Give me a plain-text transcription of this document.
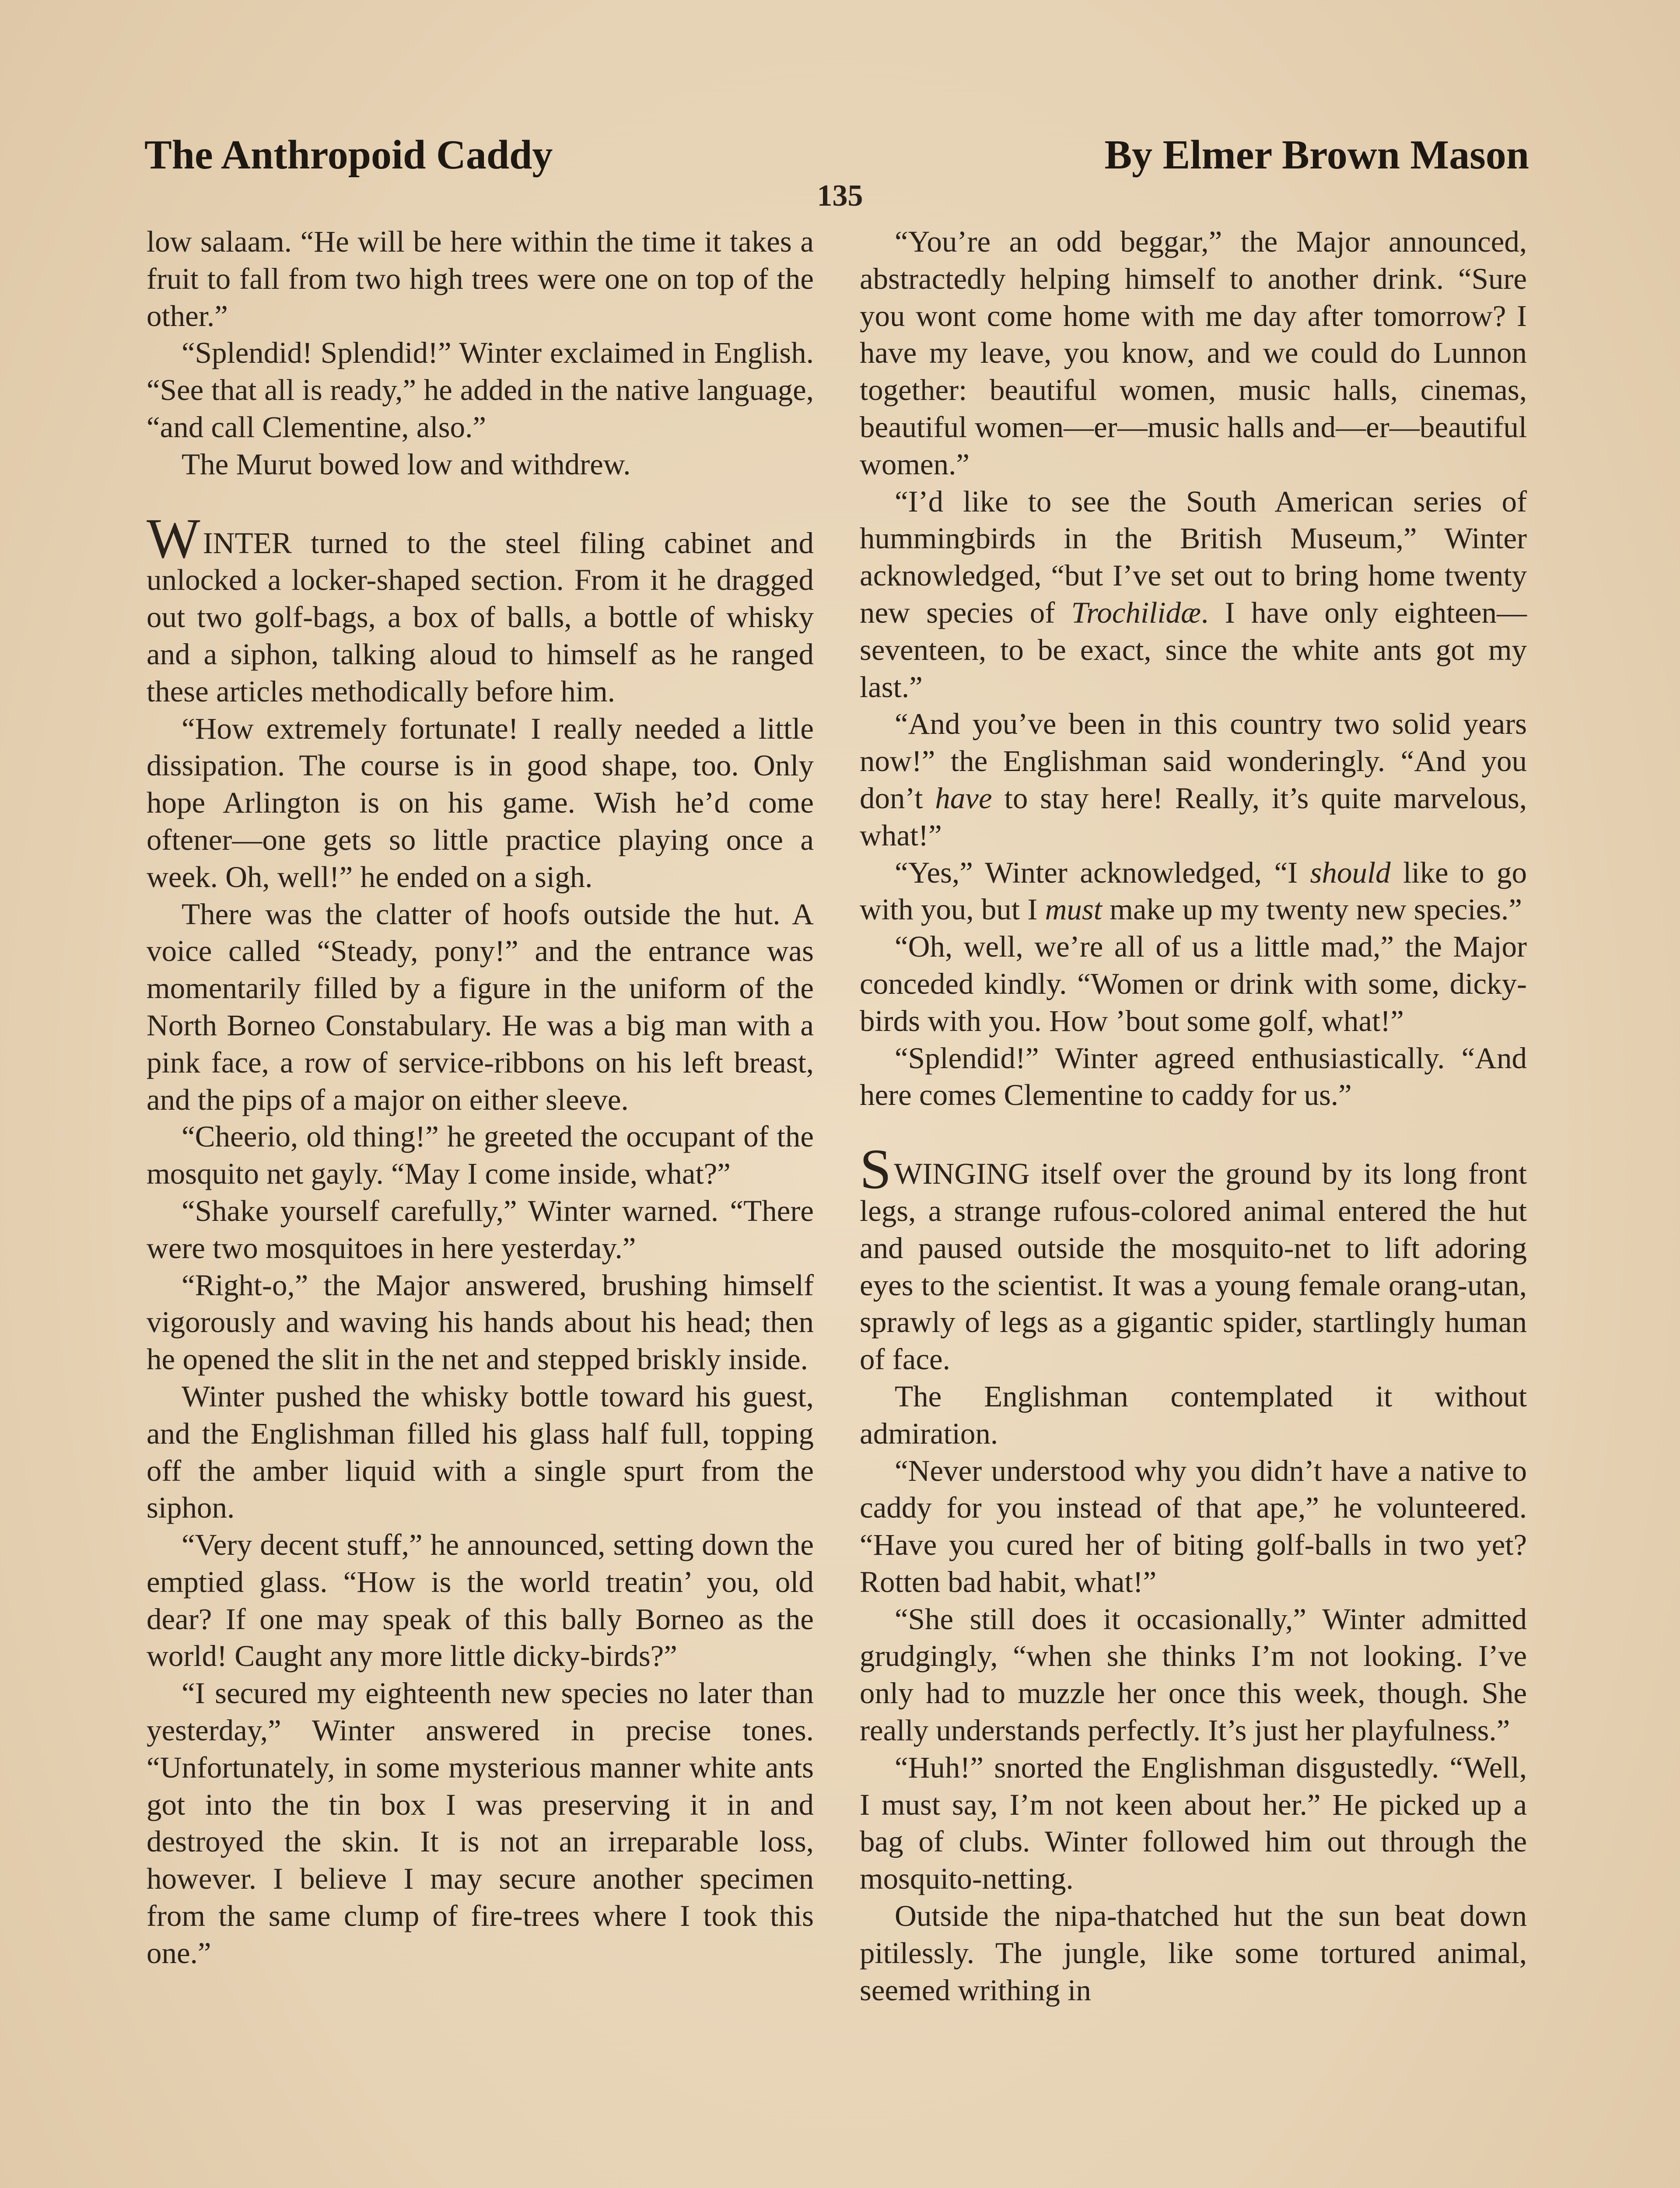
The Anthropoid Caddy	By Elmer Brown Mason
135

low salaam. “He will be here within the time it takes a fruit to fall from two high trees were one on top of the other.”

“Splendid! Splendid!” Winter exclaimed in English. “See that all is ready,” he added in the native language, “and call Clementine, also.”

The Murut bowed low and withdrew.

WINTER turned to the steel filing cabinet and unlocked a locker-shaped section. From it he dragged out two golf-bags, a box of balls, a bottle of whisky and a siphon, talking aloud to himself as he ranged these articles methodically before him.

“How extremely fortunate! I really needed a little dissipation. The course is in good shape, too. Only hope Arlington is on his game. Wish he’d come oftener—one gets so little practice playing once a week. Oh, well!” he ended on a sigh.

There was the clatter of hoofs outside the hut. A voice called “Steady, pony!” and the entrance was momentarily filled by a figure in the uniform of the North Borneo Constabulary. He was a big man with a pink face, a row of service-ribbons on his left breast, and the pips of a major on either sleeve.

“Cheerio, old thing!” he greeted the occupant of the mosquito net gayly. “May I come inside, what?”

“Shake yourself carefully,” Winter warned. “There were two mosquitoes in here yesterday.”

“Right-o,” the Major answered, brushing himself vigorously and waving his hands about his head; then he opened the slit in the net and stepped briskly inside.

Winter pushed the whisky bottle toward his guest, and the Englishman filled his glass half full, topping off the amber liquid with a single spurt from the siphon.

“Very decent stuff,” he announced, setting down the emptied glass. “How is the world treatin’ you, old dear? If one may speak of this bally Borneo as the world! Caught any more little dicky-birds?”

“I secured my eighteenth new species no later than yesterday,” Winter answered in precise tones. “Unfortunately, in some mysterious manner white ants got into the tin box I was preserving it in and destroyed the skin. It is not an irreparable loss, however. I believe I may secure another specimen from the same clump of fire-trees where I took this one.”

“You’re an odd beggar,” the Major announced, abstractedly helping himself to another drink. “Sure you wont come home with me day after tomorrow? I have my leave, you know, and we could do Lunnon together: beautiful women, music halls, cinemas, beautiful women—er—music halls and—er—beautiful women.”

“I’d like to see the South American series of hummingbirds in the British Museum,” Winter acknowledged, “but I’ve set out to bring home twenty new species of Trochilidæ. I have only eighteen—seventeen, to be exact, since the white ants got my last.”

“And you’ve been in this country two solid years now!” the Englishman said wonderingly. “And you don’t have to stay here! Really, it’s quite marvelous, what!”

“Yes,” Winter acknowledged, “I should like to go with you, but I must make up my twenty new species.”

“Oh, well, we’re all of us a little mad,” the Major conceded kindly. “Women or drink with some, dicky-birds with you. How ’bout some golf, what!”

“Splendid!” Winter agreed enthusiastically. “And here comes Clementine to caddy for us.”

SWINGING itself over the ground by its long front legs, a strange rufous-colored animal entered the hut and paused outside the mosquito-net to lift adoring eyes to the scientist. It was a young female orang-utan, sprawly of legs as a gigantic spider, startlingly human of face.

The Englishman contemplated it without admiration.

“Never understood why you didn’t have a native to caddy for you instead of that ape,” he volunteered. “Have you cured her of biting golf-balls in two yet? Rotten bad habit, what!”

“She still does it occasionally,” Winter admitted grudgingly, “when she thinks I’m not looking. I’ve only had to muzzle her once this week, though. She really understands perfectly. It’s just her playfulness.”

“Huh!” snorted the Englishman disgustedly. “Well, I must say, I’m not keen about her.” He picked up a bag of clubs. Winter followed him out through the mosquito-netting.

Outside the nipa-thatched hut the sun beat down pitilessly. The jungle, like some tortured animal, seemed writhing in
